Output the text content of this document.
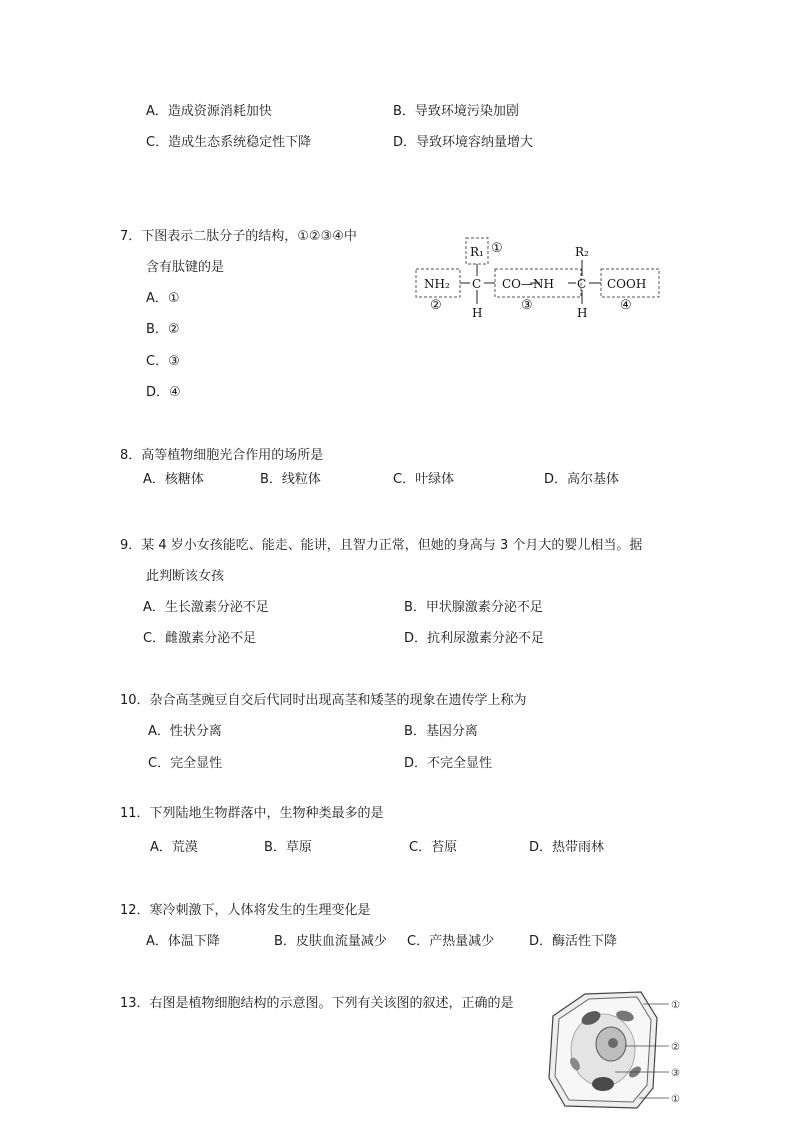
A．造成资源消耗加快	B．导致环境污染加剧
C．造成生态系统稳定性下降	D．导致环境容纳量增大
7．下图表示二肽分子的结构，①②③④中
含有肽键的是
A．①
B．②
C．③
D．④
R₁ ①	R₂
NH₂ C CO—NH C COOH
H	H
②	③	④
8．高等植物细胞光合作用的场所是
A．核糖体	B．线粒体	C．叶绿体	D．高尔基体
9．某 4 岁小女孩能吃、能走、能讲，且智力正常，但她的身高与 3 个月大的婴儿相当。据
此判断该女孩
A．生长激素分泌不足	B．甲状腺激素分泌不足
C．雌激素分泌不足	D．抗利尿激素分泌不足
10．杂合高茎豌豆自交后代同时出现高茎和矮茎的现象在遗传学上称为
A．性状分离	B．基因分离
C．完全显性	D．不完全显性
11．下列陆地生物群落中，生物种类最多的是
A．荒漠	B．草原	C．苔原	D．热带雨林
12．寒冷刺激下，人体将发生的生理变化是
A．体温下降	B．皮肤血流量减少 C．产热量减少	D．酶活性下降
13．右图是植物细胞结构的示意图。下列有关该图的叙述，正确的是	①
②
③
①
